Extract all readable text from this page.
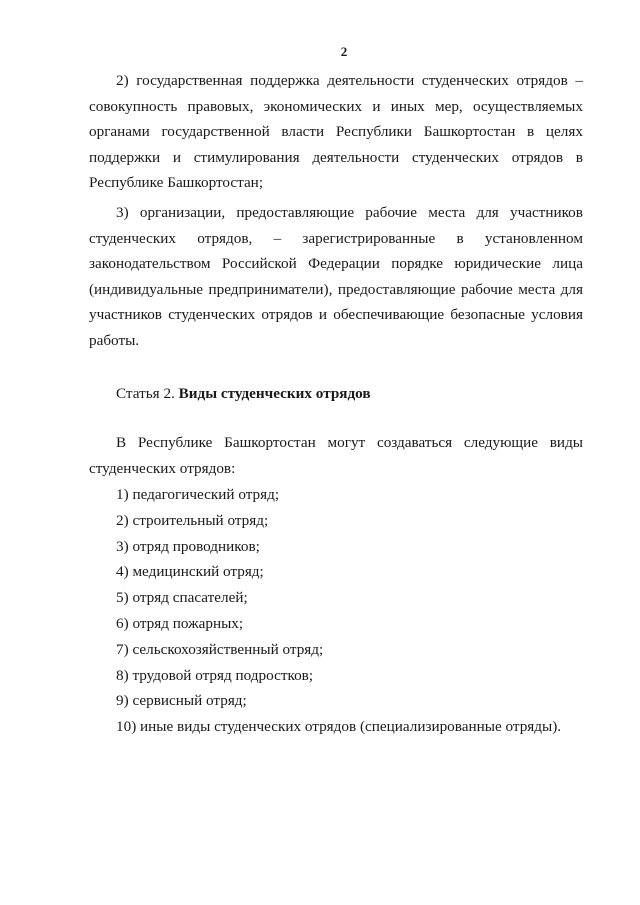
2
2) государственная поддержка деятельности студенческих отрядов –
совокупность правовых, экономических и иных мер, осуществляемых
органами государственной власти Республики Башкортостан в целях
поддержки и стимулирования деятельности студенческих отрядов в
Республике Башкортостан;
3) организации, предоставляющие рабочие места для участников
студенческих отрядов, – зарегистрированные в установленном
законодательством Российской Федерации порядке юридические лица
(индивидуальные предприниматели), предоставляющие рабочие места для
участников студенческих отрядов и обеспечивающие безопасные условия
работы.
Статья 2. Виды студенческих отрядов
В Республике Башкортостан могут создаваться следующие виды
студенческих отрядов:
1) педагогический отряд;
2) строительный отряд;
3) отряд проводников;
4) медицинский отряд;
5) отряд спасателей;
6) отряд пожарных;
7) сельскохозяйственный отряд;
8) трудовой отряд подростков;
9) сервисный отряд;
10) иные виды студенческих отрядов (специализированные отряды).
